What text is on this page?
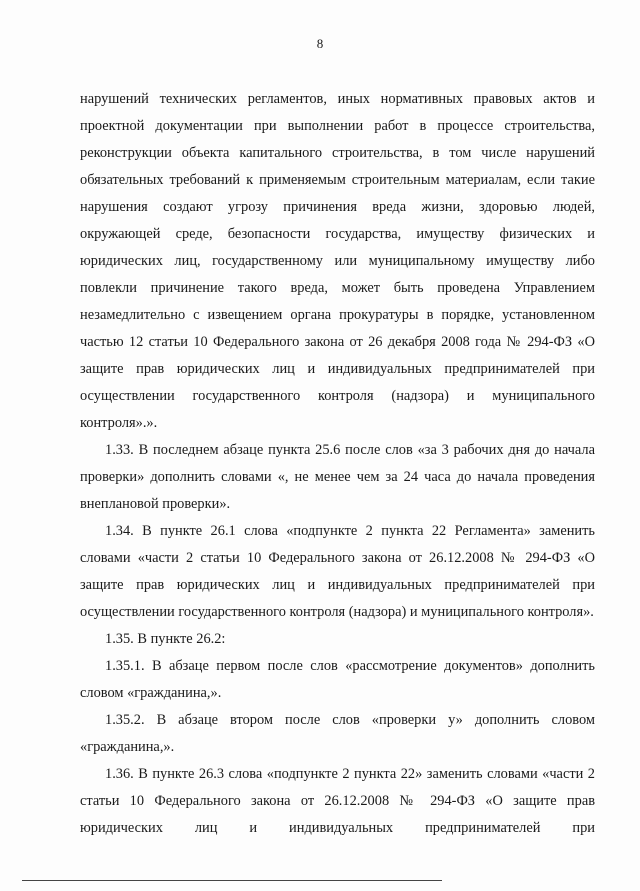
8

нарушений технических регламентов, иных нормативных правовых актов и проектной документации при выполнении работ в процессе строительства, реконструкции объекта капитального строительства, в том числе нарушений обязательных требований к применяемым строительным материалам, если такие нарушения создают угрозу причинения вреда жизни, здоровью людей, окружающей среде, безопасности государства, имуществу физических и юридических лиц, государственному или муниципальному имуществу либо повлекли причинение такого вреда, может быть проведена Управлением незамедлительно с извещением органа прокуратуры в порядке, установленном частью 12 статьи 10 Федерального закона от 26 декабря 2008 года № 294-ФЗ «О защите прав юридических лиц и индивидуальных предпринимателей при осуществлении государственного контроля (надзора) и муниципального контроля».».

1.33. В последнем абзаце пункта 25.6 после слов «за 3 рабочих дня до начала проверки» дополнить словами «, не менее чем за 24 часа до начала проведения внеплановой проверки».

1.34. В пункте 26.1 слова «подпункте 2 пункта 22 Регламента» заменить словами «части 2 статьи 10 Федерального закона от 26.12.2008 № 294-ФЗ «О защите прав юридических лиц и индивидуальных предпринимателей при осуществлении государственного контроля (надзора) и муниципального контроля».

1.35. В пункте 26.2:

1.35.1. В абзаце первом после слов «рассмотрение документов» дополнить словом «гражданина,».

1.35.2. В абзаце втором после слов «проверки у» дополнить словом «гражданина,».

1.36. В пункте 26.3 слова «подпункте 2 пункта 22» заменить словами «части 2 статьи 10 Федерального закона от 26.12.2008 № 294-ФЗ «О защите прав юридических лиц и индивидуальных предпринимателей при
